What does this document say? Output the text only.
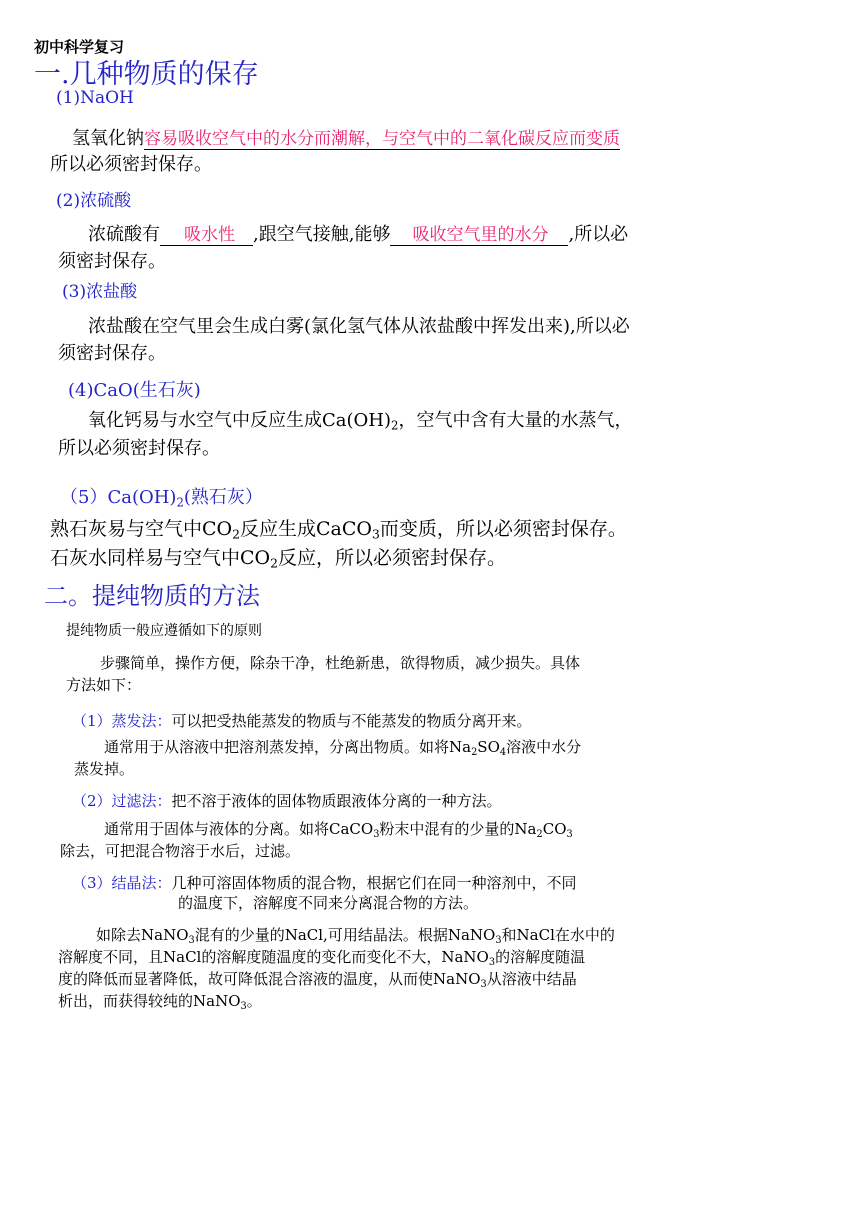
初中科学复习
一.几种物质的保存
(1)NaOH
氢氧化钠容易吸收空气中的水分而潮解，与空气中的二氧化碳反应而变质
所以必须密封保存。
(2)浓硫酸
浓硫酸有 吸水性 ,跟空气接触,能够 吸收空气里的水分 ,所以必
须密封保存。
(3)浓盐酸
浓盐酸在空气里会生成白雾(氯化氢气体从浓盐酸中挥发出来),所以必
须密封保存。
(4)CaO(生石灰)
氧化钙易与水空气中反应生成$Ca(OH)_2$，空气中含有大量的水蒸气，
所以必须密封保存。
$(5)Ca(OH)_2$(熟石灰）
熟石灰易与空气中$CO_2$反应生成CaCO$_3$而变质，所以必须密封保存。
石灰水同样易与空气中$CO_2$反应，所以必须密封保存。
二。提纯物质的方法
提纯物质一般应遵循如下的原则
步骤简单，操作方便，除杂干净，杜绝新患，欲得物质，减少损失。具体
方法如下：
（1）蒸发法：可以把受热能蒸发的物质与不能蒸发的物质分离开来。
通常用于从溶液中把溶剂蒸发掉，分离出物质。如将$Na_2SO_4$溶液中水分
蒸发掉。
（2）过滤法：把不溶于液体的固体物质跟液体分离的一种方法。
通常用于固体与液体的分离。如将CaCO$_3$粉末中混有的少量的$Na_2CO_3$
除去，可把混合物溶于水后，过滤。
（3）结晶法：几种可溶固体物质的混合物，根据它们在同一种溶剂中，不同
的温度下，溶解度不同来分离混合物的方法。
如除去NaNO$_3$混有的少量的NaCl,可用结晶法。根据NaNO$_3$和NaCl在水中的
溶解度不同，且NaCl的溶解度随温度的变化而变化不大，NaNO$_3$的溶解度随温
度的降低而显著降低，故可降低混合溶液的温度，从而使NaNO$_3$从溶液中结晶
析出，而获得较纯的NaNO$_3$。
